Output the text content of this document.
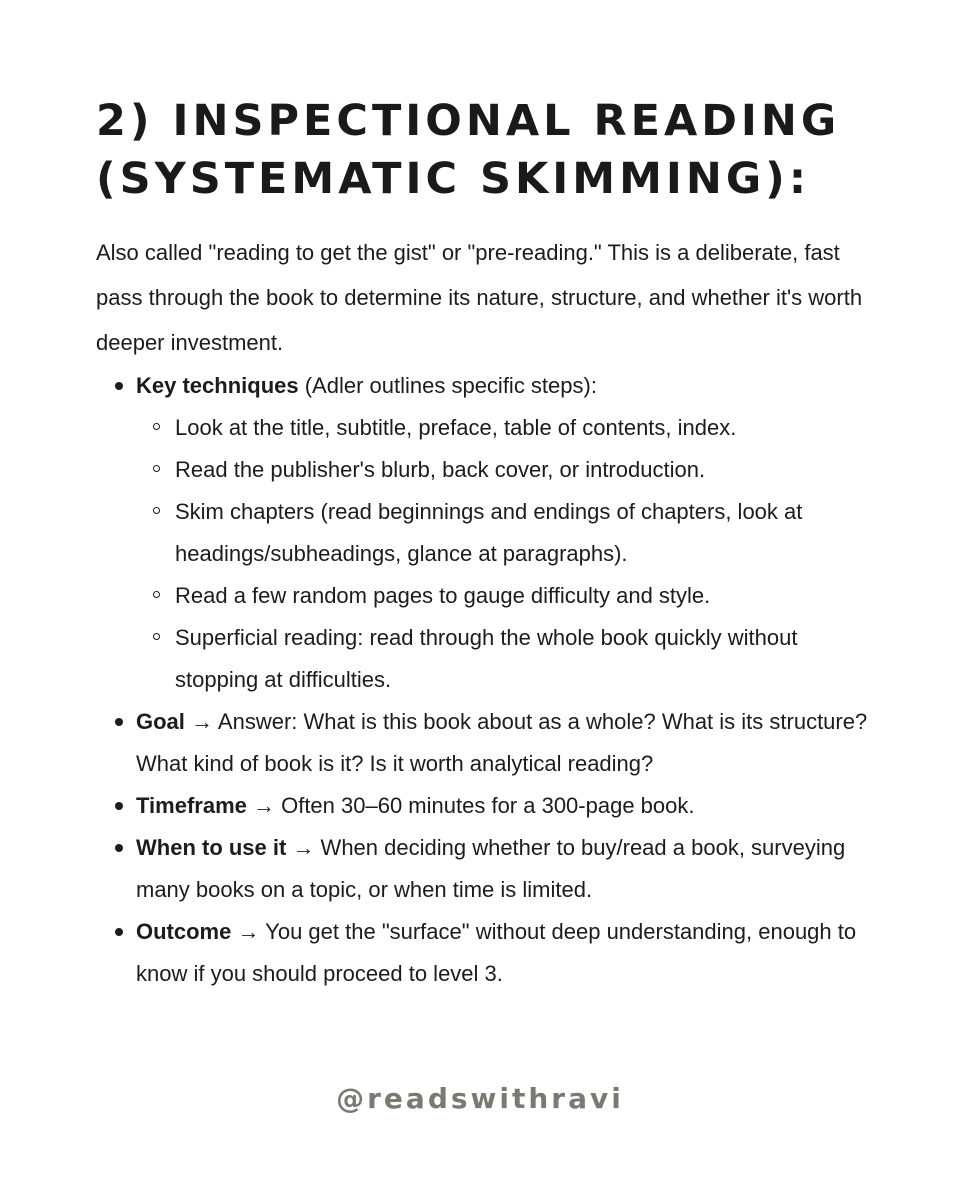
2) INSPECTIONAL READING
(SYSTEMATIC SKIMMING):

Also called "reading to get the gist" or "pre-reading." This is a deliberate, fast pass through the book to determine its nature, structure, and whether it's worth deeper investment.

Key techniques (Adler outlines specific steps):
Look at the title, subtitle, preface, table of contents, index.
Read the publisher's blurb, back cover, or introduction.
Skim chapters (read beginnings and endings of chapters, look at headings/subheadings, glance at paragraphs).
Read a few random pages to gauge difficulty and style.
Superficial reading: read through the whole book quickly without stopping at difficulties.
Goal → Answer: What is this book about as a whole? What is its structure? What kind of book is it? Is it worth analytical reading?
Timeframe → Often 30–60 minutes for a 300-page book.
When to use it → When deciding whether to buy/read a book, surveying many books on a topic, or when time is limited.
Outcome → You get the "surface" without deep understanding, enough to know if you should proceed to level 3.
@readswithravi
